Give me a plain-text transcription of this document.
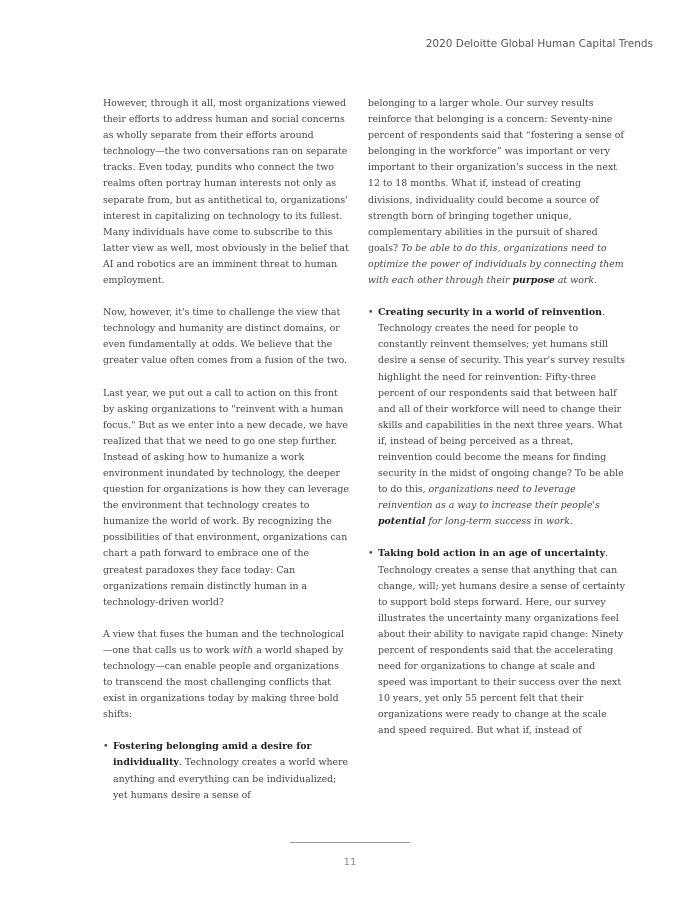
2020 Deloitte Global Human Capital Trends

However, through it all, most organizations viewed their efforts to address human and social concerns as wholly separate from their efforts around technology—the two conversations ran on separate tracks. Even today, pundits who connect the two realms often portray human interests not only as separate from, but as antithetical to, organizations' interest in capitalizing on technology to its fullest. Many individuals have come to subscribe to this latter view as well, most obviously in the belief that AI and robotics are an imminent threat to human employment.

Now, however, it's time to challenge the view that technology and humanity are distinct domains, or even fundamentally at odds. We believe that the greater value often comes from a fusion of the two.

Last year, we put out a call to action on this front by asking organizations to "reinvent with a human focus." But as we enter into a new decade, we have realized that that we need to go one step further. Instead of asking how to humanize a work environment inundated by technology, the deeper question for organizations is how they can leverage the environment that technology creates to humanize the world of work. By recognizing the possibilities of that environment, organizations can chart a path forward to embrace one of the greatest paradoxes they face today: Can organizations remain distinctly human in a technology-driven world?

A view that fuses the human and the technological—one that calls us to work with a world shaped by technology—can enable people and organizations to transcend the most challenging conflicts that exist in organizations today by making three bold shifts:

• Fostering belonging amid a desire for individuality. Technology creates a world where anything and everything can be individualized; yet humans desire a sense of

belonging to a larger whole. Our survey results reinforce that belonging is a concern: Seventy-nine percent of respondents said that “fostering a sense of belonging in the workforce” was important or very important to their organization's success in the next 12 to 18 months. What if, instead of creating divisions, individuality could become a source of strength born of bringing together unique, complementary abilities in the pursuit of shared goals? To be able to do this, organizations need to optimize the power of individuals by connecting them with each other through their purpose at work.

• Creating security in a world of reinvention. Technology creates the need for people to constantly reinvent themselves; yet humans still desire a sense of security. This year's survey results highlight the need for reinvention: Fifty-three percent of our respondents said that between half and all of their workforce will need to change their skills and capabilities in the next three years. What if, instead of being perceived as a threat, reinvention could become the means for finding security in the midst of ongoing change? To be able to do this, organizations need to leverage reinvention as a way to increase their people's potential for long-term success in work.
• Taking bold action in an age of uncertainty. Technology creates a sense that anything that can change, will; yet humans desire a sense of certainty to support bold steps forward. Here, our survey illustrates the uncertainty many organizations feel about their ability to navigate rapid change: Ninety percent of respondents said that the accelerating need for organizations to change at scale and speed was important to their success over the next 10 years, yet only 55 percent felt that their organizations were ready to change at the scale and speed required. But what if, instead of
11
